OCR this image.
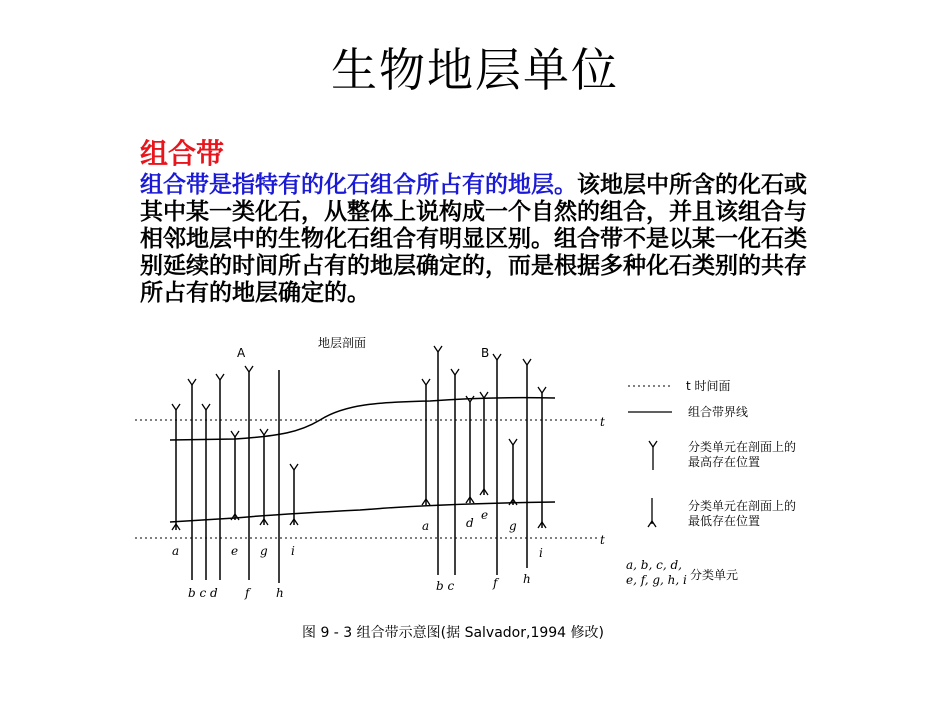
生物地层单位
组合带
组合带是指特有的化石组合所占有的地层。该地层中所含的化石或其中某一类化石，从整体上说构成一个自然的组合，并且该组合与相邻地层中的生物化石组合有明显区别。组合带不是以某一化石类别延续的时间所占有的地层确定的，而是根据多种化石类别的共存所占有的地层确定的。
地层剖面
A	B
t
t
a	e g i
b c d f h
d
e
a	g
i
b c	f h
t 时间面
组合带界线
分类单元在剖面上的
最高存在位置
分类单元在剖面上的
最低存在位置
a, b, c, d,
e, f, g, h, i 分类单元
图 9 - 3 组合带示意图(据 Salvador,1994 修改)
